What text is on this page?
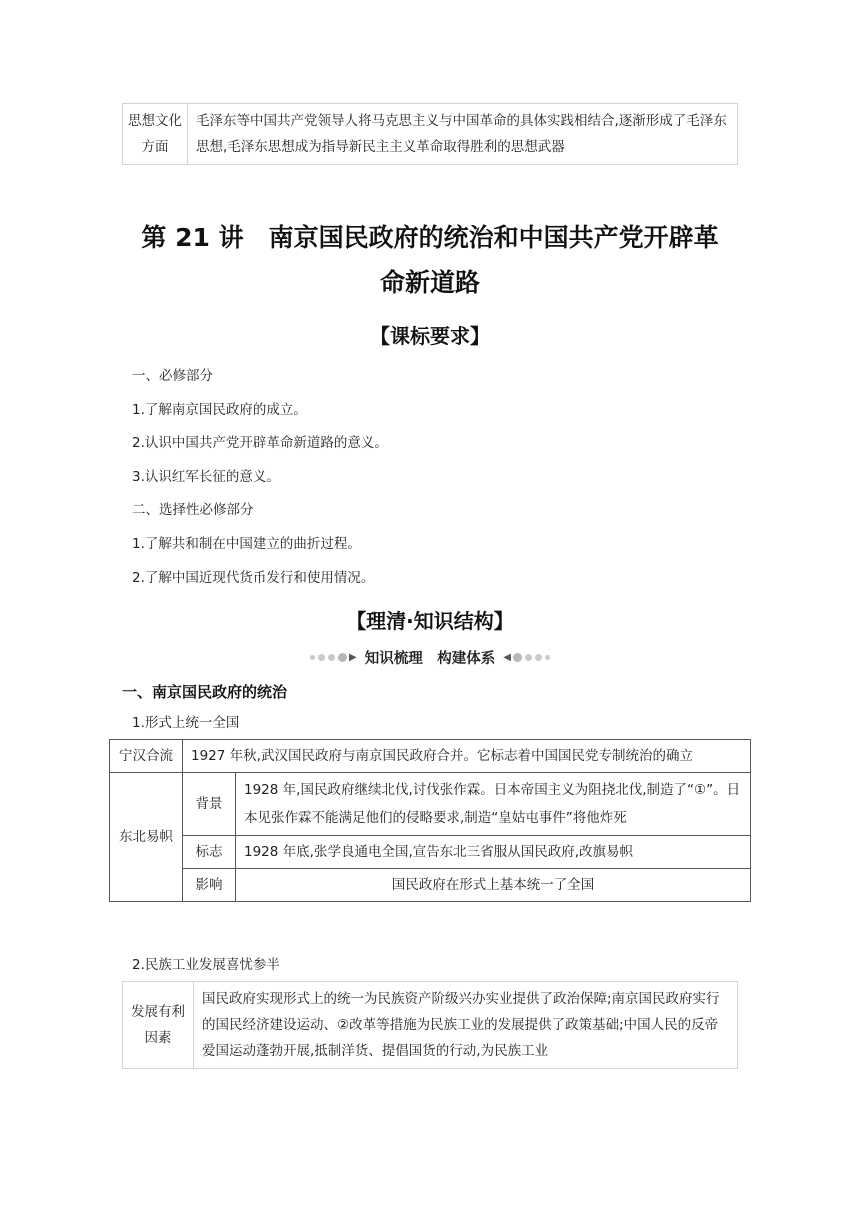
思想文化方面	毛泽东等中国共产党领导人将马克思主义与中国革命的具体实践相结合,逐渐形成了毛泽东思想,毛泽东思想成为指导新民主主义革命取得胜利的思想武器
第 21 讲　南京国民政府的统治和中国共产党开辟革
命新道路
【课标要求】
一、必修部分
1.了解南京国民政府的成立。
2.认识中国共产党开辟革命新道路的意义。
3.认识红军长征的意义。
二、选择性必修部分
1.了解共和制在中国建立的曲折过程。
2.了解中国近现代货币发行和使用情况。
【理清·知识结构】
▶ 知识梳理　构建体系 ◀
一、南京国民政府的统治
1.形式上统一全国
宁汉合流	1927 年秋,武汉国民政府与南京国民政府合并。它标志着中国国民党专制统治的确立	
东北易帜	背景	1928 年,国民政府继续北伐,讨伐张作霖。日本帝国主义为阻挠北伐,制造了“①”。日本见张作霖不能满足他们的侵略要求,制造“皇姑屯事件”将他炸死
	标志	1928 年底,张学良通电全国,宣告东北三省服从国民政府,改旗易帜
	影响	国民政府在形式上基本统一了全国
2.民族工业发展喜忧参半
发展有利因素	国民政府实现形式上的统一为民族资产阶级兴办实业提供了政治保障;南京国民政府实行的国民经济建设运动、②改革等措施为民族工业的发展提供了政策基础;中国人民的反帝爱国运动蓬勃开展,抵制洋货、提倡国货的行动,为民族工业
